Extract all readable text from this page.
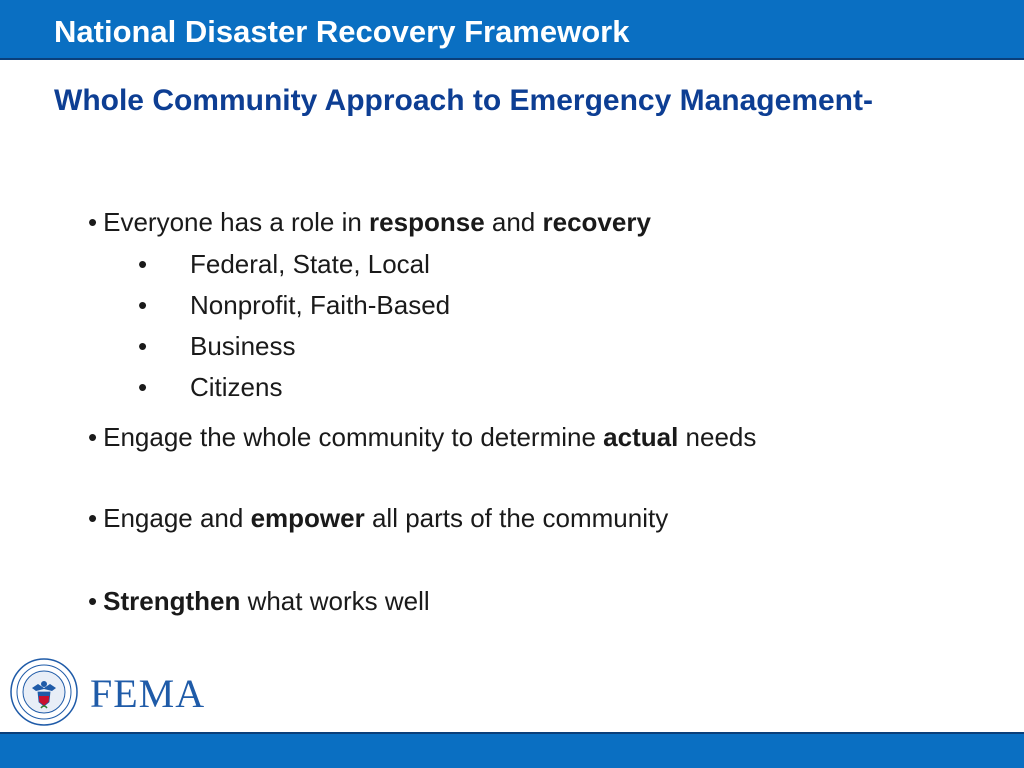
National Disaster Recovery Framework
Whole Community Approach to Emergency Management-
• Everyone has a role in response and recovery
• Federal, State, Local
• Nonprofit, Faith-Based
• Business
• Citizens
• Engage the whole community to determine actual needs
• Engage and empower all parts of the community
• Strengthen what works well
FEMA
